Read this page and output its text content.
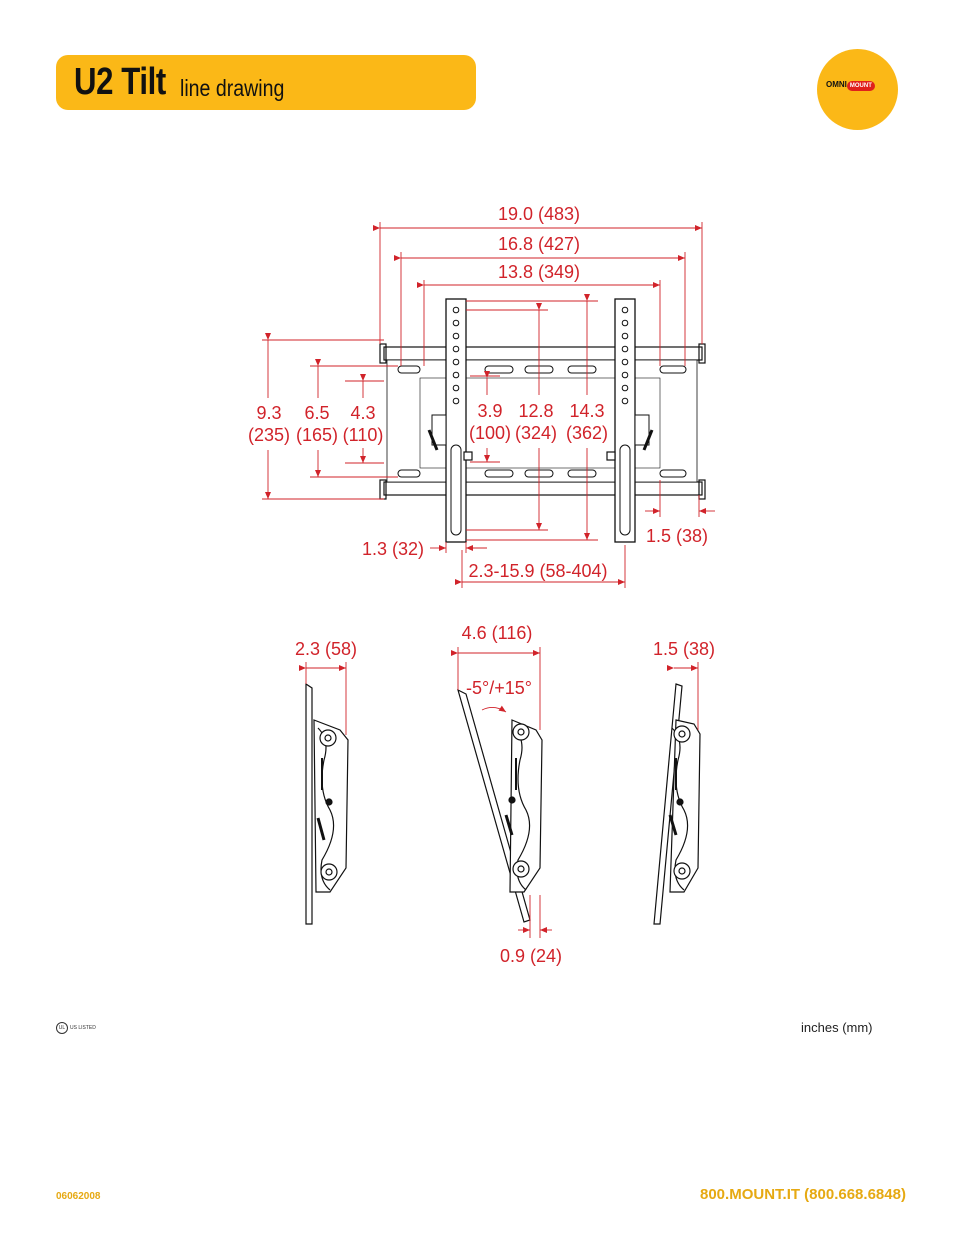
U2 Tilt line drawing	OMNI MOUNT
19.0 (483)
16.8 (427)
13.8 (349)
9.3
(235)
6.5
(165)
4.3
(110)
3.9
(100)
12.8
(324)
14.3
(362)
1.3 (32)
1.5 (38)
2.3-15.9 (58-404)
2.3 (58)
4.6 (116)
-5°/+15°
0.9 (24)
1.5 (38)
UL US LISTED	inches (mm)
06062008	800.MOUNT.IT (800.668.6848)
